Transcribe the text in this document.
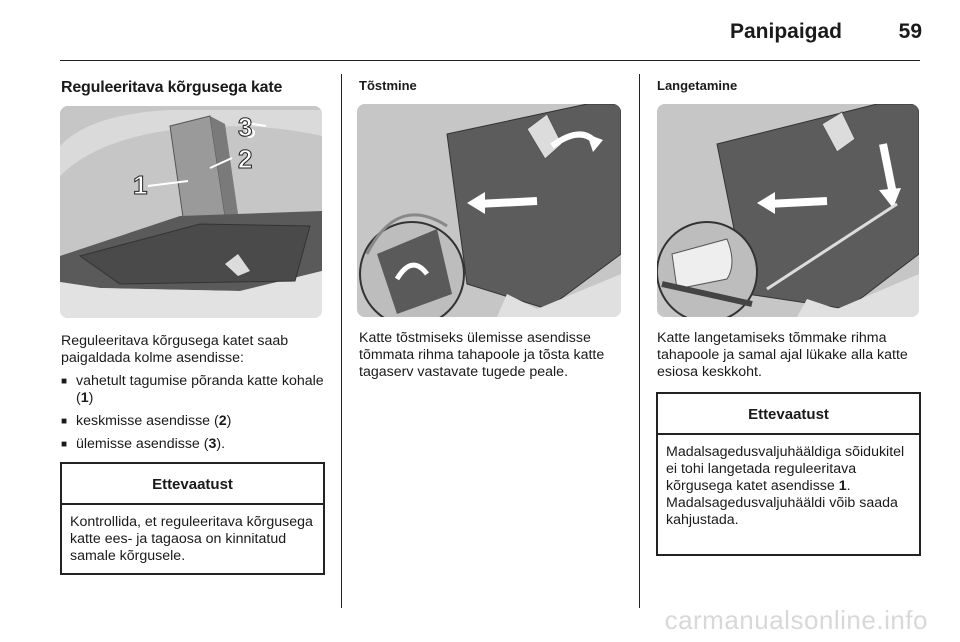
Panipaigad	59
Reguleeritava kõrgusega kate
1
2
3

Reguleeritava kõrgusega katet saab paigaldada kolme asendisse:

■ vahetult tagumise põranda katte kohale (1)
■ keskmisse asendisse (2)
■ ülemisse asendisse (3).
Ettevaatust
Kontrollida, et reguleeritava kõrgusega katte ees- ja tagaosa on kinnitatud samale kõrgusele.
Tõstmine
Katte tõstmiseks ülemisse asendisse tõmmata rihma tahapoole ja tõsta katte tagaserv vastavate tugede peale.
Langetamine
Katte langetamiseks tõmmake rihma tahapoole ja samal ajal lükake alla katte esiosa keskkoht.
Ettevaatust
Madalsagedusvaljuhääldiga sõidukitel ei tohi langetada reguleeritava kõrgusega katet asendisse 1. Madalsagedusvaljuhääldi võib saada kahjustada.
carmanualsonline.info
